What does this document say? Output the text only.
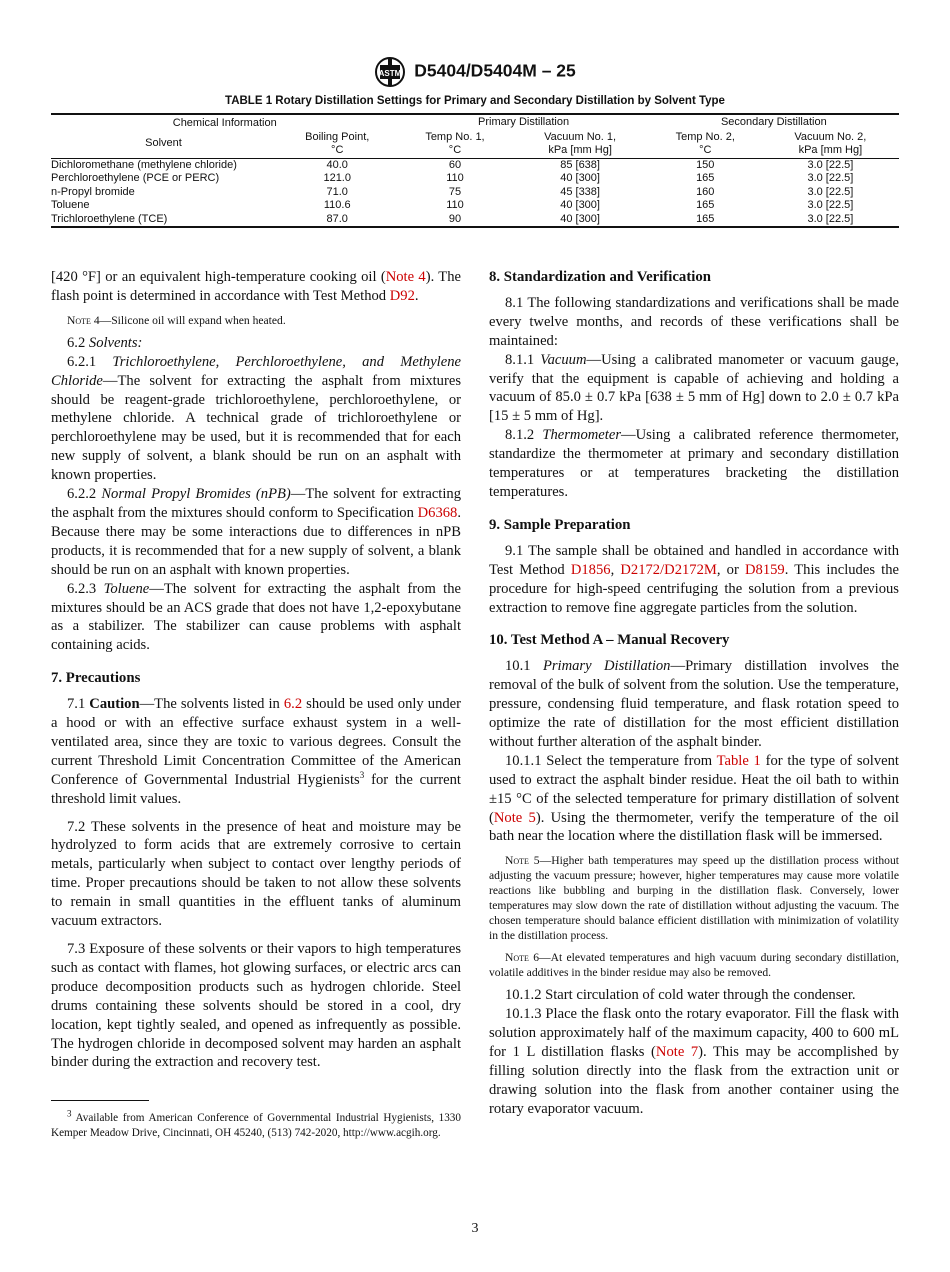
ASTM D5404/D5404M – 25
TABLE 1 Rotary Distillation Settings for Primary and Secondary Distillation by Solvent Type
Chemical Information		Primary Distillation		Secondary Distillation	
Solvent	Boiling Point,	Temp No. 1,	Vacuum No. 1,	Temp No. 2,	Vacuum No. 2,
	°C	°C	kPa [mm Hg]	°C	kPa [mm Hg]
Dichloromethane (methylene chloride)	40.0	60	85 [638]	150	3.0 [22.5]
Perchloroethylene (PCE or PERC)	121.0	110	40 [300]	165	3.0 [22.5]
n-Propyl bromide	71.0	75	45 [338]	160	3.0 [22.5]
Toluene	110.6	110	40 [300]	165	3.0 [22.5]
Trichloroethylene (TCE)	87.0	90	40 [300]	165	3.0 [22.5]

[420 °F] or an equivalent high-temperature cooking oil (Note 4). The flash point is determined in accordance with Test Method D92.

Note 4—Silicone oil will expand when heated.

6.2 Solvents:

6.2.1 Trichloroethylene, Perchloroethylene, and Methylene Chloride—The solvent for extracting the asphalt from mixtures should be reagent-grade trichloroethylene, perchloroethylene, or methylene chloride. A technical grade of trichloroethylene or perchloroethylene may be used, but it is recommended that for each new supply of solvent, a blank should be run on an asphalt with known properties.

6.2.2 Normal Propyl Bromides (nPB)—The solvent for extracting the asphalt from the mixtures should conform to Specification D6368. Because there may be some interactions due to differences in nPB products, it is recommended that for a new supply of solvent, a blank should be run on an asphalt with known properties.

6.2.3 Toluene—The solvent for extracting the asphalt from the mixtures should be an ACS grade that does not have 1,2-epoxybutane as a stabilizer. The stabilizer can cause problems with asphalt containing acids.

7. Precautions

7.1 Caution—The solvents listed in 6.2 should be used only under a hood or with an effective surface exhaust system in a well-ventilated area, since they are toxic to various degrees. Consult the current Threshold Limit Concentration Committee of the American Conference of Governmental Industrial Hygienists$^3$ for the current threshold limit values.

7.2 These solvents in the presence of heat and moisture may be hydrolyzed to form acids that are extremely corrosive to certain metals, particularly when subject to contact over lengthy periods of time. Proper precautions should be taken to not allow these solvents to remain in small quantities in the effluent tanks of aluminum vacuum extractors.

7.3 Exposure of these solvents or their vapors to high temperatures such as contact with flames, hot glowing surfaces, or electric arcs can produce decomposition products such as hydrogen chloride. Steel drums containing these solvents should be stored in a cool, dry location, kept tightly sealed, and opened as infrequently as possible. The hydrogen chloride in decomposed solvent may harden an asphalt binder during the extraction and recovery test.

$^3$ Available from American Conference of Governmental Industrial Hygienists, 1330 Kemper Meadow Drive, Cincinnati, OH 45240, (513) 742-2020, http://www.acgih.org.

8. Standardization and Verification

8.1 The following standardizations and verifications shall be made every twelve months, and records of these verifications shall be maintained:

8.1.1 Vacuum—Using a calibrated manometer or vacuum gauge, verify that the equipment is capable of achieving and holding a vacuum of 85.0 ± 0.7 kPa [638 ± 5 mm of Hg] down to 2.0 ± 0.7 kPa [15 ± 5 mm of Hg].

8.1.2 Thermometer—Using a calibrated reference thermometer, standardize the thermometer at primary and secondary distillation temperatures or at temperatures bracketing the distillation temperatures.

9. Sample Preparation

9.1 The sample shall be obtained and handled in accordance with Test Method D1856, D2172/D2172M, or D8159. This includes the procedure for high-speed centrifuging the solution from a previous extraction to remove fine aggregate particles from the solution.

10. Test Method A – Manual Recovery

10.1 Primary Distillation—Primary distillation involves the removal of the bulk of solvent from the solution. Use the temperature, pressure, condensing fluid temperature, and flask rotation speed to optimize the rate of distillation for the most efficient distillation without further alteration of the asphalt binder.

10.1.1 Select the temperature from Table 1 for the type of solvent used to extract the asphalt binder residue. Heat the oil bath to within ±15 °C of the selected temperature for primary distillation of solvent (Note 5). Using the thermometer, verify the temperature of the oil bath near the location where the distillation flask will be immersed.

Note 5—Higher bath temperatures may speed up the distillation process without adjusting the vacuum pressure; however, higher temperatures may cause more volatile reactions like bubbling and burping in the distillation flask. Conversely, lower temperatures may slow down the rate of distillation without adjusting the vacuum. The chosen temperature should balance efficient distillation with minimization of volatility in the distillation process.

Note 6—At elevated temperatures and high vacuum during secondary distillation, volatile additives in the binder residue may also be removed.

10.1.2 Start circulation of cold water through the condenser.

10.1.3 Place the flask onto the rotary evaporator. Fill the flask with solution approximately half of the maximum capacity, 400 to 600 mL for 1 L distillation flasks (Note 7). This may be accomplished by filling solution directly into the flask from the extraction unit or drawing solution into the flask from another container using the rotary evaporator vacuum.

3
